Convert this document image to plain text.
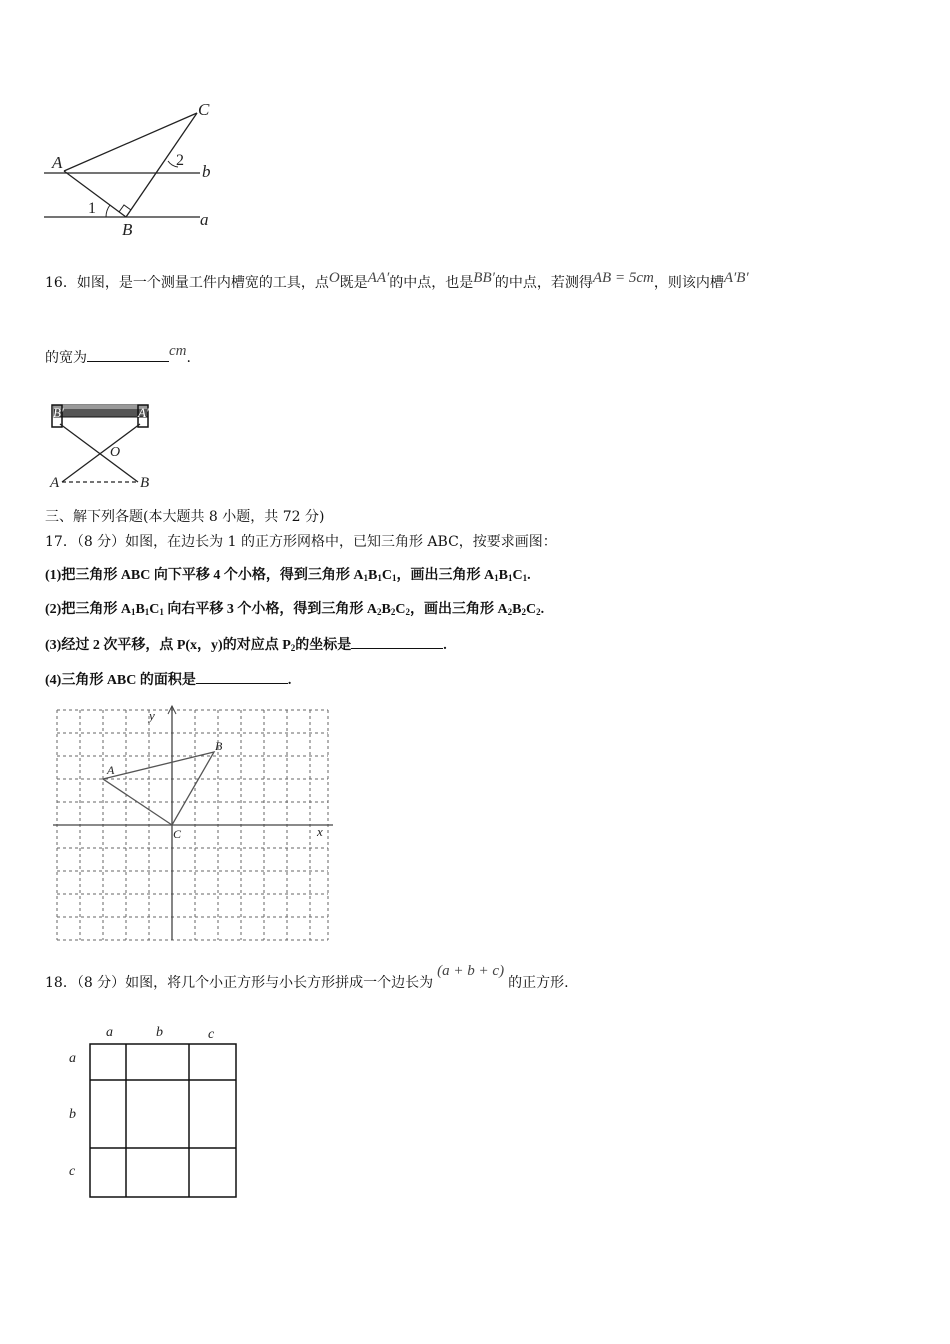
A
C
B
b
a
1
2
16．如图，是一个测量工件内槽宽的工具，点O既是AA′的中点，也是BB′的中点，若测得AB = 5cm，则该内槽A′B′
的宽为	cm.
B′	A′
O
A	B
三、解下列各题(本大题共 8 小题，共 72 分)
17．（8 分）如图，在边长为 1 的正方形网格中，已知三角形 ABC，按要求画图：
(1)把三角形 ABC 向下平移 4 个小格，得到三角形 $A_1B_1C_1$，画出三角形 $A_1B_1C_1$.
(2)把三角形 $A_1B_1C_1$ 向右平移 3 个小格，得到三角形 $A_2B_2C_2$，画出三角形 $A_2B_2C_2$.
(3)经过 2 次平移，点 P(x，y)的对应点 $P_2$的坐标是	.
(4)三角形 ABC 的面积是	.
y
x
A
B
C
18．（8 分）如图，将几个小正方形与小长方形拼成一个边长为(a + b + c)的正方形.
a	b	c
a
b
c
